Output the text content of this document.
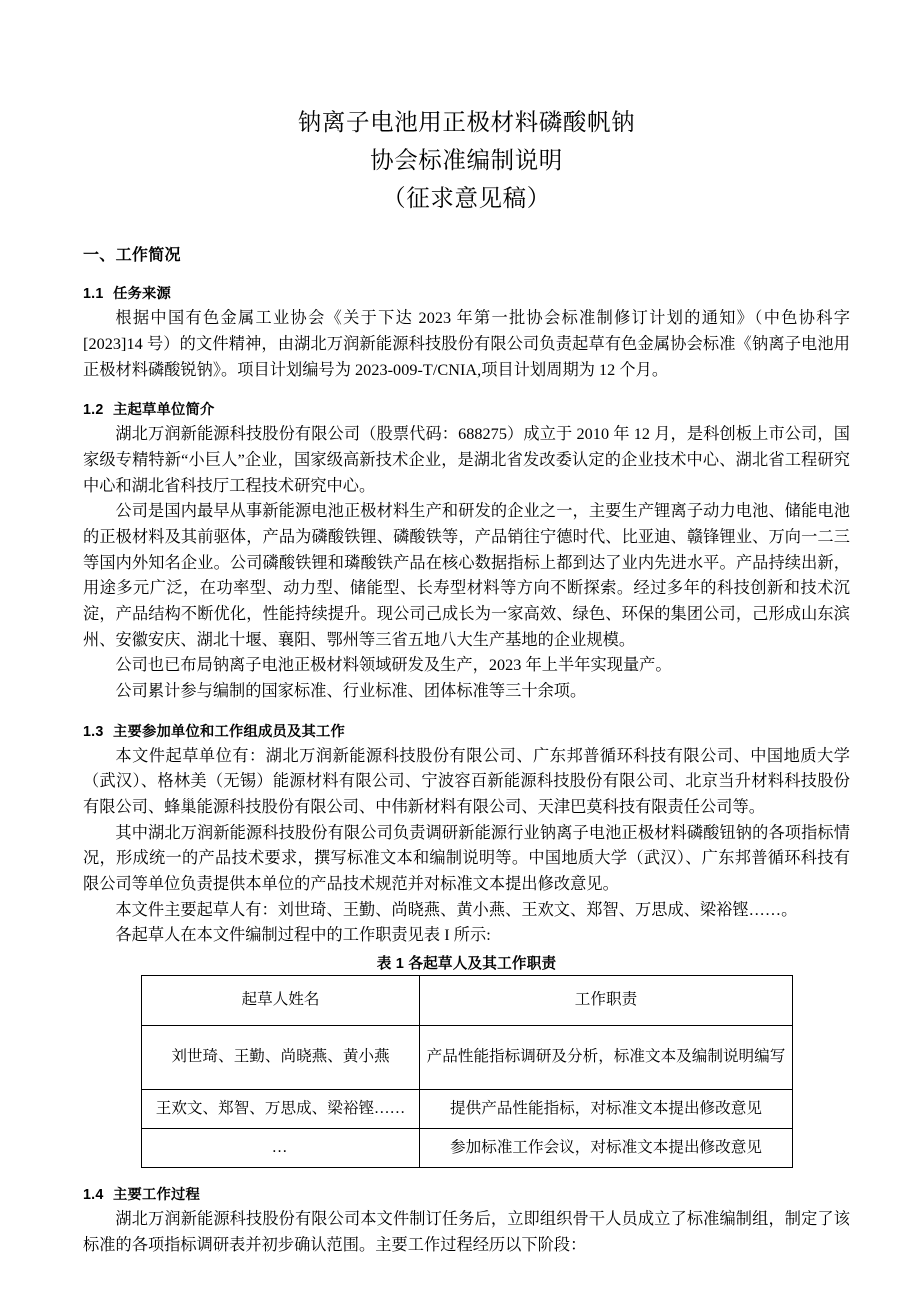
钠离子电池用正极材料磷酸帆钠
协会标准编制说明
（征求意见稿）
一、工作简况
1.1 任务来源

根据中国有色金属工业协会《关于下达 2023 年第一批协会标准制修订计划的通知》（中色协科字[2023]14 号）的文件精神，由湖北万润新能源科技股份有限公司负责起草有色金属协会标准《钠离子电池用正极材料磷酸锐钠》。项目计划编号为 2023-009-T/CNIA,项目计划周期为 12 个月。

1.2 主起草单位简介

湖北万润新能源科技股份有限公司（股票代码：688275）成立于 2010 年 12 月，是科创板上市公司，国家级专精特新“小巨人”企业，国家级高新技术企业，是湖北省发改委认定的企业技术中心、湖北省工程研究中心和湖北省科技厅工程技术研究中心。

公司是国内最早从事新能源电池正极材料生产和研发的企业之一，主要生产锂离子动力电池、储能电池的正极材料及其前驱体，产品为磷酸铁锂、磷酸铁等，产品销往宁德时代、比亚迪、赣锋锂业、万向一二三等国内外知名企业。公司磷酸铁锂和璘酸铁产品在核心数据指标上都到达了业内先进水平。产品持续出新，用途多元广泛，在功率型、动力型、储能型、长寿型材料等方向不断探索。经过多年的科技创新和技术沉淀，产品结构不断优化，性能持续提升。现公司己成长为一家高效、绿色、环保的集团公司，己形成山东滨州、安徽安庆、湖北十堰、襄阳、鄂州等三省五地八大生产基地的企业规模。

公司也已布局钠离子电池正极材料领域研发及生产，2023 年上半年实现量产。

公司累计参与编制的国家标准、行业标准、团体标准等三十余项。

1.3 主要参加单位和工作组成员及其工作

本文件起草单位有：湖北万润新能源科技股份有限公司、广东邦普循环科技有限公司、中国地质大学（武汉）、格林美（无锡）能源材料有限公司、宁波容百新能源科技股份有限公司、北京当升材料科技股份有限公司、蜂巢能源科技股份有限公司、中伟新材料有限公司、天津巴莫科技有限责任公司等。

其中湖北万润新能源科技股份有限公司负责调研新能源行业钠离子电池正极材料磷酸钮钠的各项指标情况，形成统一的产品技术要求，撰写标准文本和编制说明等。中国地质大学（武汉）、广东邦普循环科技有限公司等单位负责提供本单位的产品技术规范并对标准文本提出修改意见。

本文件主要起草人有：刘世琦、王勤、尚晓燕、黄小燕、王欢文、郑智、万思成、梁裕铿……。

各起草人在本文件编制过程中的工作职责见表 I 所示:

表 1 各起草人及其工作职责
起草人姓名	工作职责
刘世琦、王勤、尚晓燕、黄小燕	产品性能指标调研及分析，标准文本及编制说明编写
王欢文、郑智、万思成、梁裕铿……	提供产品性能指标，对标准文本提出修改意见
…	参加标准工作会议，对标准文本提出修改意见
1.4 主要工作过程

湖北万润新能源科技股份有限公司本文件制订任务后，立即组织骨干人员成立了标准编制组，制定了该标准的各项指标调研表并初步确认范围。主要工作过程经历以下阶段：
